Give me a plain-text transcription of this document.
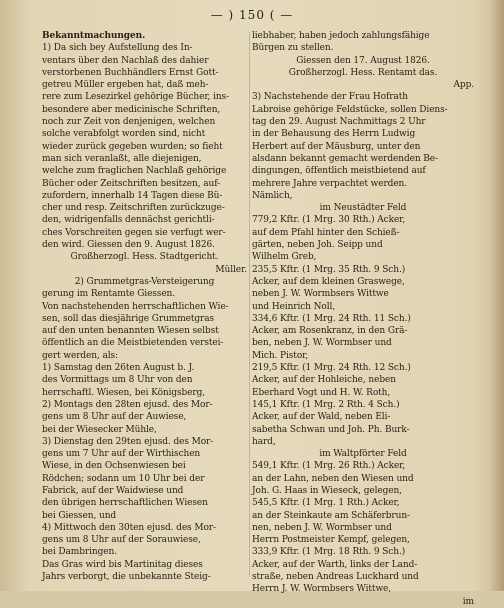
— ) 150 ( —

Bekanntmachungen.

1) Da sich bey Aufstellung des In-

ventars über den Nachlaß des dahier

verstorbenen Buchhändlers Ernst Gott-

getreu Müller ergeben hat, daß meh-

rere zum Lesezirkel gehörige Bücher, ins-

besondere aber medicinische Schriften,

noch zur Zeit von denjenigen, welchen

solche verabfolgt worden sind, nicht

wieder zurück gegeben wurden; so fieht

man sich veranlaßt, alle diejenigen,

welche zum fraglichen Nachlaß gehörige

Bücher oder Zeitschriften besitzen, auf-

zufordern, innerhalb 14 Tagen diese Bü-

cher und resp. Zeitschriften zurückzuge-

den, widrigenfalls dennächst gerichtli-

ches Vorschreiten gegen sie verfugt wer-

den wird. Giessen den 9. August 1826.

Großherzogl. Hess. Stadtgericht.

Müller.

2) Grummetgras-Versteigerung

gerung im Rentamte Giessen.

Von nachstehenden herrschaftlichen Wie-

sen, soll das diesjährige Grummetgras

auf den unten benannten Wiesen selbst

öffentlich an die Meistbietenden verstei-

gert werden, als:

1) Samstag den 26ten August b. J.

des Vormittags um 8 Uhr von den

herrschaftl. Wiesen, bei Königsberg,

2) Montags den 28ten ejusd. des Mor-

gens um 8 Uhr auf der Auwiese,

bei der Wiesecker Mühle,

3) Dienstag den 29ten ejusd. des Mor-

gens um 7 Uhr auf der Wirthischen

Wiese, in den Ochsenwiesen bei

Rödchen; sodann um 10 Uhr bei der

Fabrick, auf der Waidwiese und

den übrigen herrschaftlichen Wiesen

bei Giessen, und

4) Mittwoch den 30ten ejusd. des Mor-

gens um 8 Uhr auf der Sorauwiese,

bei Dambringen.

Das Gras wird bis Martinitag dieses

Jahrs verborgt, die unbekannte Steig-

liebhaber, haben jedoch zahlungsfähige

Bürgen zu stellen.

Giessen den 17. August 1826.

Großherzogl. Hess. Rentamt das.

App.

3) Nachstehende der Frau Hofrath

Labroise gehörige Feldstücke, sollen Diens-

tag den 29. August Nachmittags 2 Uhr

in der Behausung des Herrn Ludwig

Herbert auf der Mäusburg, unter den

alsdann bekannt gemacht werdenden Be-

dingungen, öffentlich meistbietend auf

mehrere Jahre verpachtet werden.

Nämlich,

im Neustädter Feld

779,2 Kftr. (1 Mrg. 30 Rth.) Acker,

auf dem Pfahl hinter den Schieß-

gärten, neben Joh. Seipp und

Wilhelm Greb,

235,5 Kftr. (1 Mrg. 35 Rth. 9 Sch.)

Acker, auf dem kleinen Graswege,

neben J. W. Wormbsers Wittwe

und Heinrich Noll,

334,6 Kftr. (1 Mrg. 24 Rth. 11 Sch.)

Acker, am Rosenkranz, in den Grä-

ben, neben J. W. Wormbser und

Mich. Pistor,

219,5 Kftr. (1 Mrg. 24 Rth. 12 Sch.)

Acker, auf der Hohleiche, neben

Eberhard Vogt und H. W. Roth,

145,1 Kftr. (1 Mrg. 2 Rth. 4 Sch.)

Acker, auf der Wald, neben Eli-

sabetha Schwan und Joh. Ph. Burk-

hard,

im Waltpförter Feld

549,1 Kftr. (1 Mrg. 26 Rth.) Acker,

an der Lahn, neben den Wiesen und

Joh. G. Haas in Wieseck, gelegen,

545,5 Kftr. (1 Mrg. 1 Rth.) Acker,

an der Steinkaute am Schäferbrun-

nen, neben J. W. Wormbser und

Herrn Postmeister Kempf, gelegen,

333,9 Kftr. (1 Mrg. 18 Rth. 9 Sch.)

Acker, auf der Warth, links der Land-

straße, neben Andreas Luckhard und

Herrn J. W. Wormbsers Wittwe,

im
